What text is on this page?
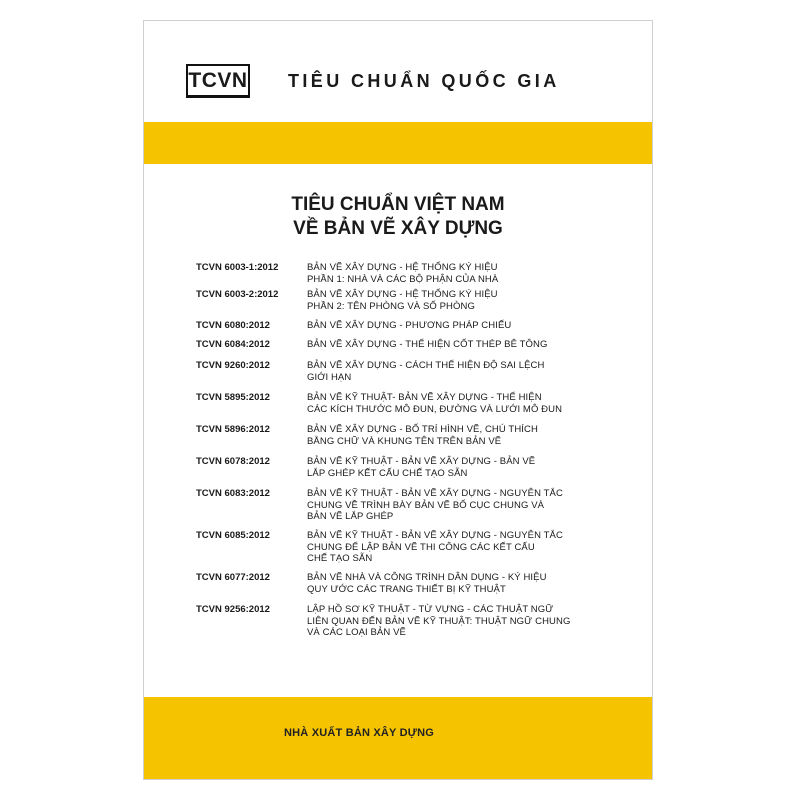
TCVN TIÊU CHUẨN QUỐC GIA
TIÊU CHUẨN VIỆT NAM
VỀ BẢN VẼ XÂY DỰNG
TCVN 6003-1:2012	BẢN VẼ XÂY DỰNG - HỆ THỐNG KÝ HIỆU
PHẦN 1: NHÀ VÀ CÁC BỘ PHẬN CỦA NHÀ
TCVN 6003-2:2012	BẢN VẼ XÂY DỰNG - HỆ THỐNG KÝ HIỆU
PHẦN 2: TÊN PHÒNG VÀ SỐ PHÒNG
TCVN 6080:2012	BẢN VẼ XÂY DỰNG - PHƯƠNG PHÁP CHIẾU
TCVN 6084:2012	BẢN VẼ XÂY DỰNG - THỂ HIỆN CỐT THÉP BÊ TÔNG
TCVN 9260:2012	BẢN VẼ XÂY DỰNG - CÁCH THỂ HIỆN ĐỘ SAI LỆCH
GIỚI HẠN
TCVN 5895:2012	BẢN VẼ KỸ THUẬT- BẢN VẼ XÂY DỰNG - THỂ HIỆN
CÁC KÍCH THƯỚC MÔ ĐUN, ĐƯỜNG VÀ LƯỚI MÔ ĐUN
TCVN 5896:2012	BẢN VẼ XÂY DỰNG - BỐ TRÍ HÌNH VẼ, CHÚ THÍCH
BẰNG CHỮ VÀ KHUNG TÊN TRÊN BẢN VẼ
TCVN 6078:2012	BẢN VẼ KỸ THUẬT - BẢN VẼ XÂY DỰNG - BẢN VẼ
LẮP GHÉP KẾT CẤU CHẾ TẠO SẴN
TCVN 6083:2012	BẢN VẼ KỸ THUẬT - BẢN VẼ XÂY DỰNG - NGUYÊN TẮC
CHUNG VỀ TRÌNH BÀY BẢN VẼ BỐ CỤC CHUNG VÀ
BẢN VẼ LẮP GHÉP
TCVN 6085:2012	BẢN VẼ KỸ THUẬT - BẢN VẼ XÂY DỰNG - NGUYÊN TẮC
CHUNG ĐỂ LẬP BẢN VẼ THI CÔNG CÁC KẾT CẤU
CHẾ TẠO SẴN
TCVN 6077:2012	BẢN VẼ NHÀ VÀ CÔNG TRÌNH DÂN DỤNG - KÝ HIỆU
QUY ƯỚC CÁC TRANG THIẾT BỊ KỸ THUẬT
TCVN 9256:2012	LẬP HỒ SƠ KỸ THUẬT - TỪ VỰNG - CÁC THUẬT NGỮ
LIÊN QUAN ĐẾN BẢN VẼ KỸ THUẬT: THUẬT NGỮ CHUNG
VÀ CÁC LOẠI BẢN VẼ
NHÀ XUẤT BẢN XÂY DỰNG
